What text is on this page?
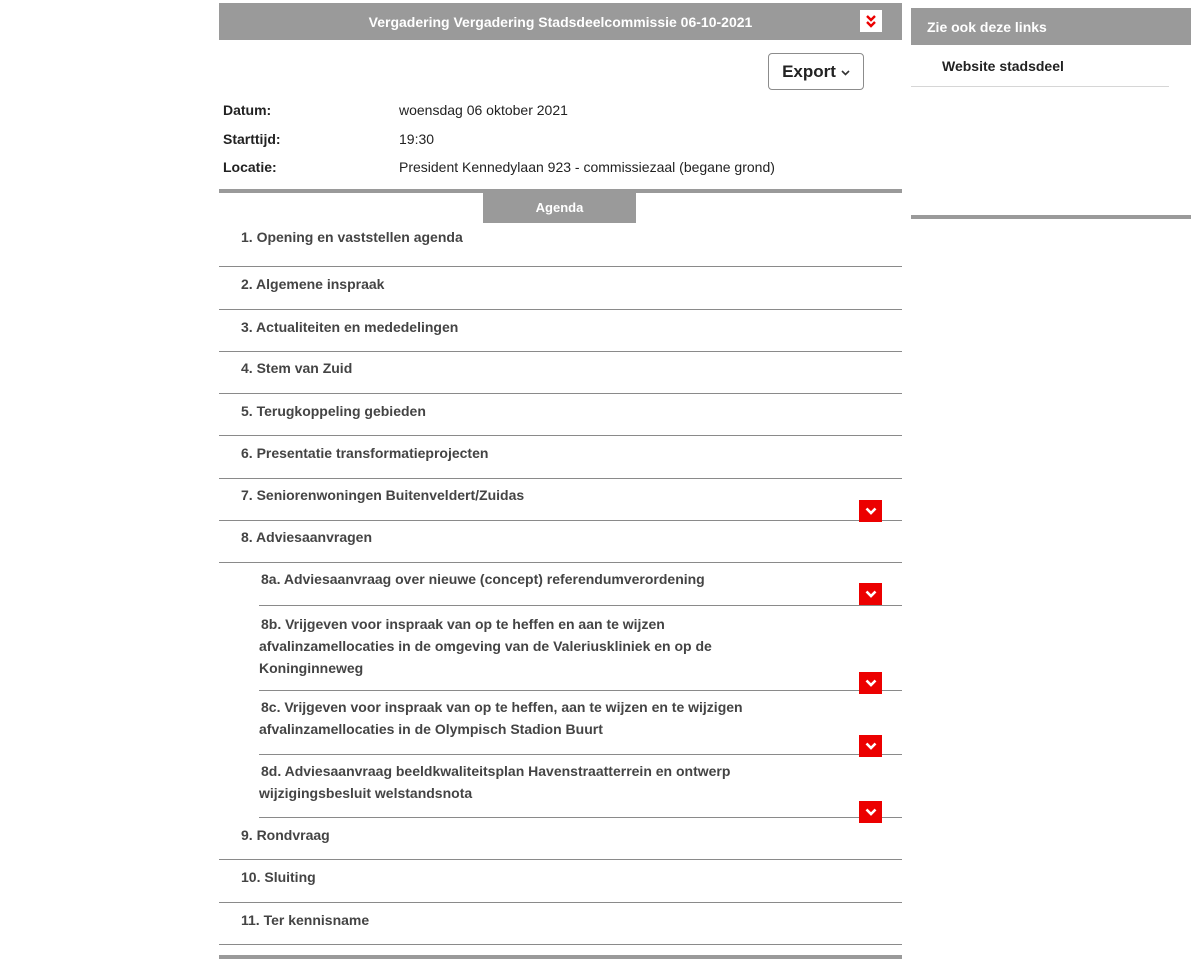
Vergadering Vergadering Stadsdeelcommissie 06-10-2021
Export
Datum:	woensdag 06 oktober 2021
Starttijd:	19:30
Locatie:	President Kennedylaan 923 - commissiezaal (begane grond)
Agenda
1. Opening en vaststellen agenda
2. Algemene inspraak
3. Actualiteiten en mededelingen
4. Stem van Zuid
5. Terugkoppeling gebieden
6. Presentatie transformatieprojecten
7. Seniorenwoningen Buitenveldert/Zuidas
8. Adviesaanvragen
8a. Adviesaanvraag over nieuwe (concept) referendumverordening
8b. Vrijgeven voor inspraak van op te heffen en aan te wijzen afvalinzamellocaties in de omgeving van de Valeriuskliniek en op de Koninginneweg
8c. Vrijgeven voor inspraak van op te heffen, aan te wijzen en te wijzigen afvalinzamellocaties in de Olympisch Stadion Buurt
8d. Adviesaanvraag beeldkwaliteitsplan Havenstraatterrein en ontwerp wijzigingsbesluit welstandsnota
9. Rondvraag
10. Sluiting
11. Ter kennisname
Zie ook deze links
Website stadsdeel
